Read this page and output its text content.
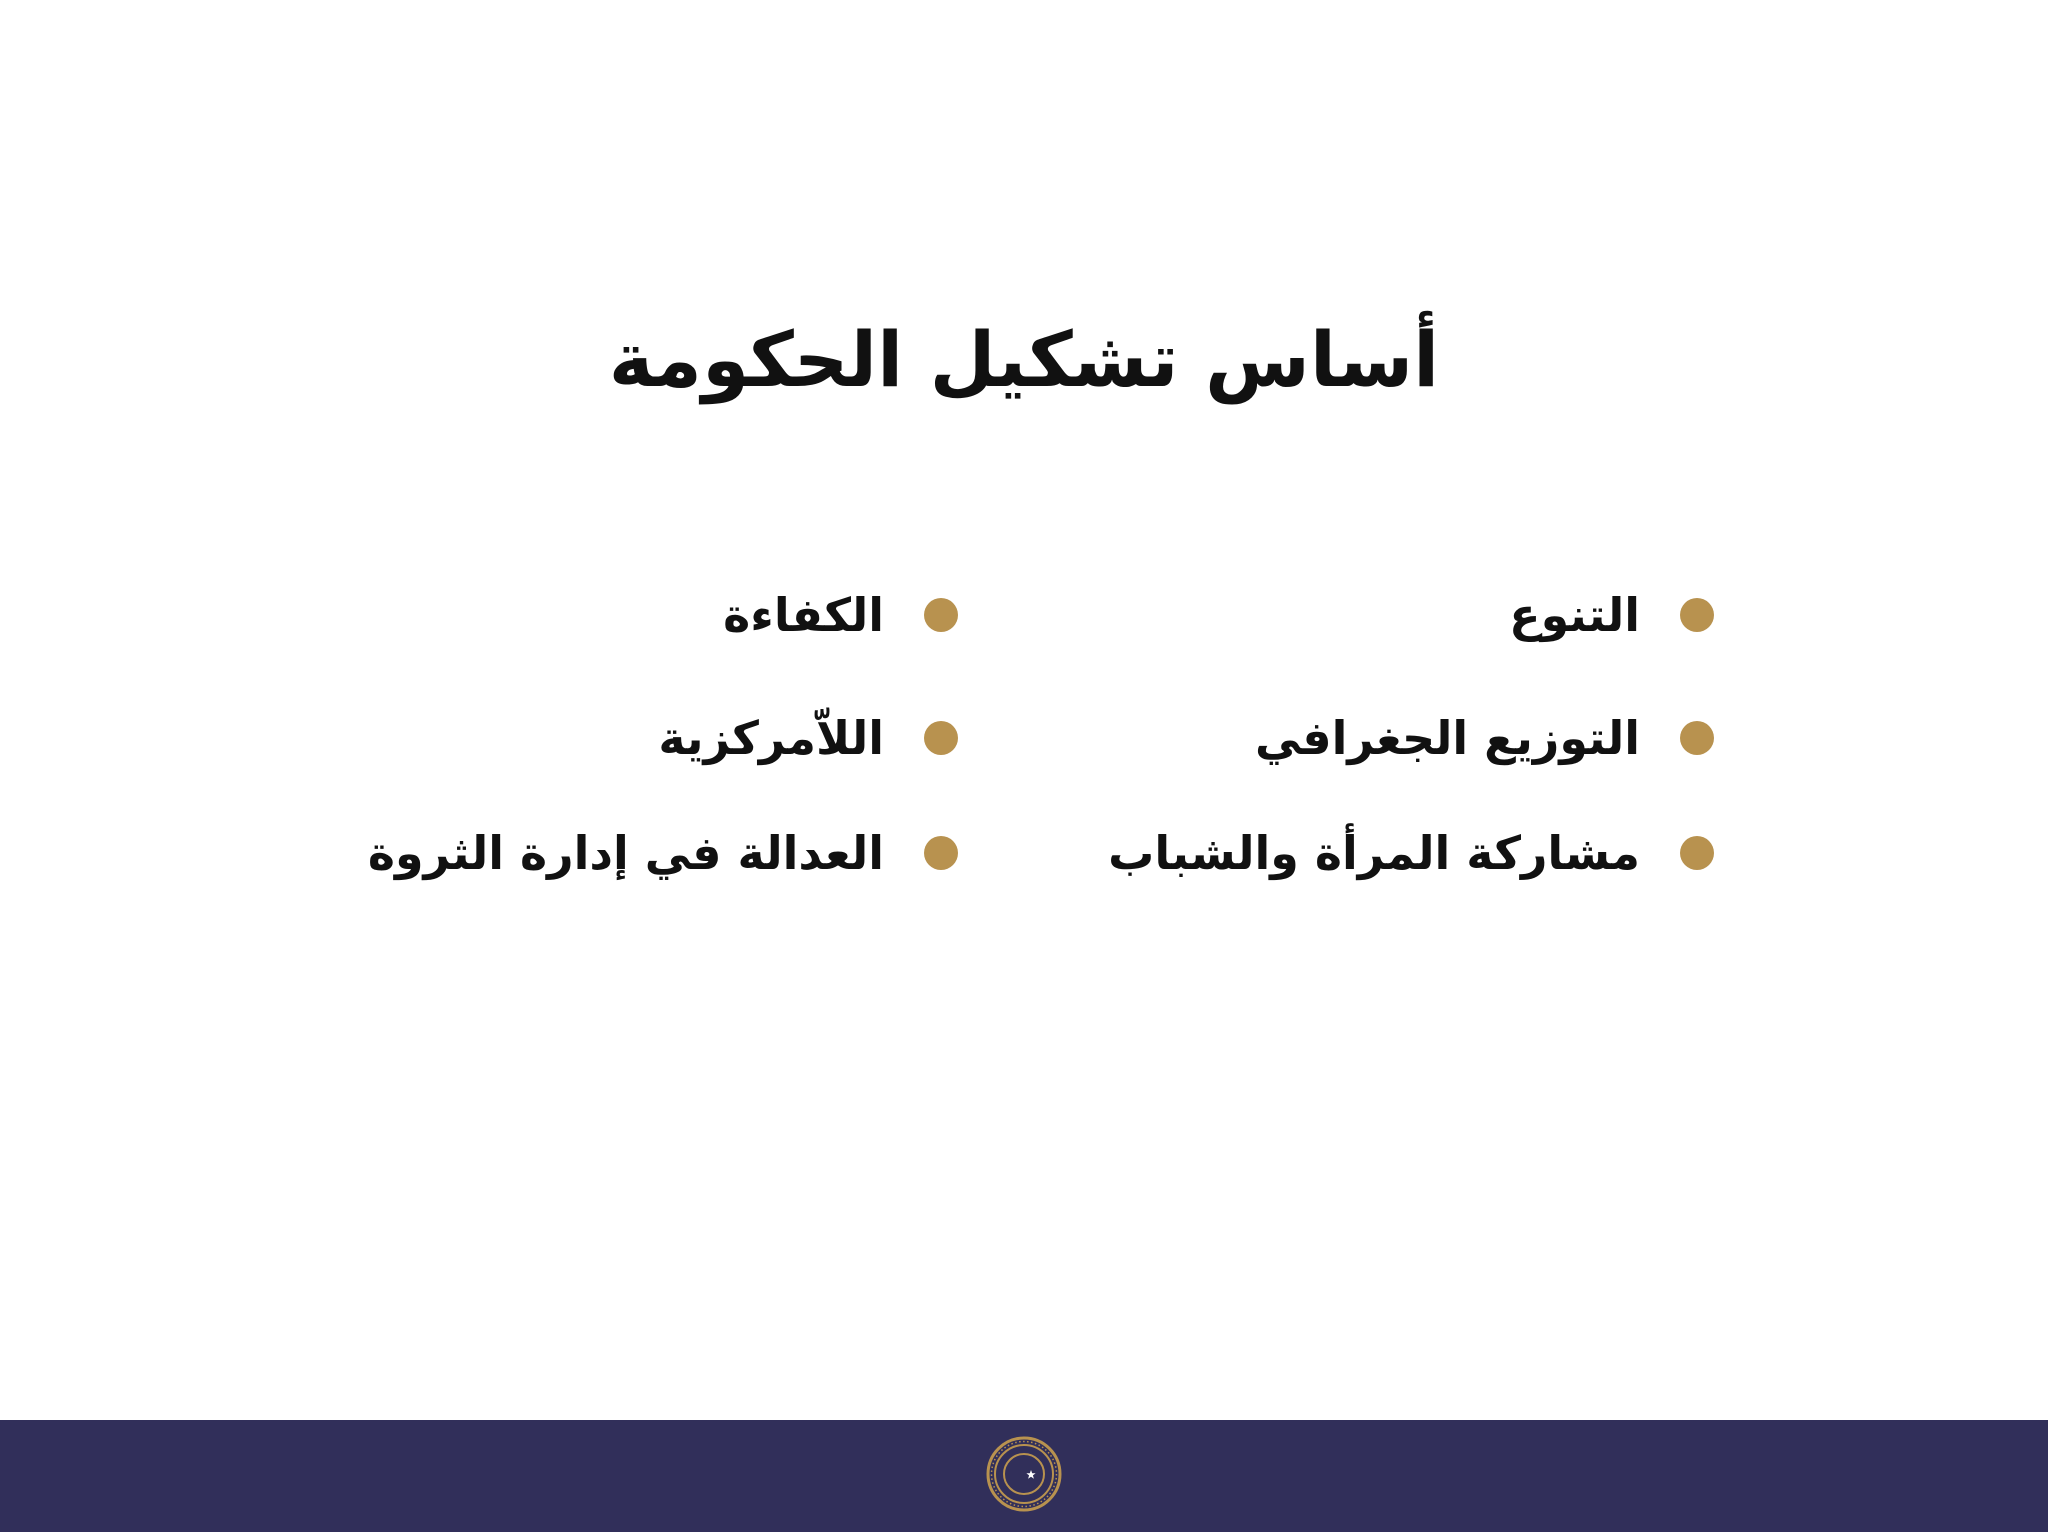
أساس تشكيل الحكومة
التنوع
التوزيع الجغرافي
مشاركة المرأة والشباب
الكفاءة
اللاّمركزية
العدالة في إدارة الثروة
